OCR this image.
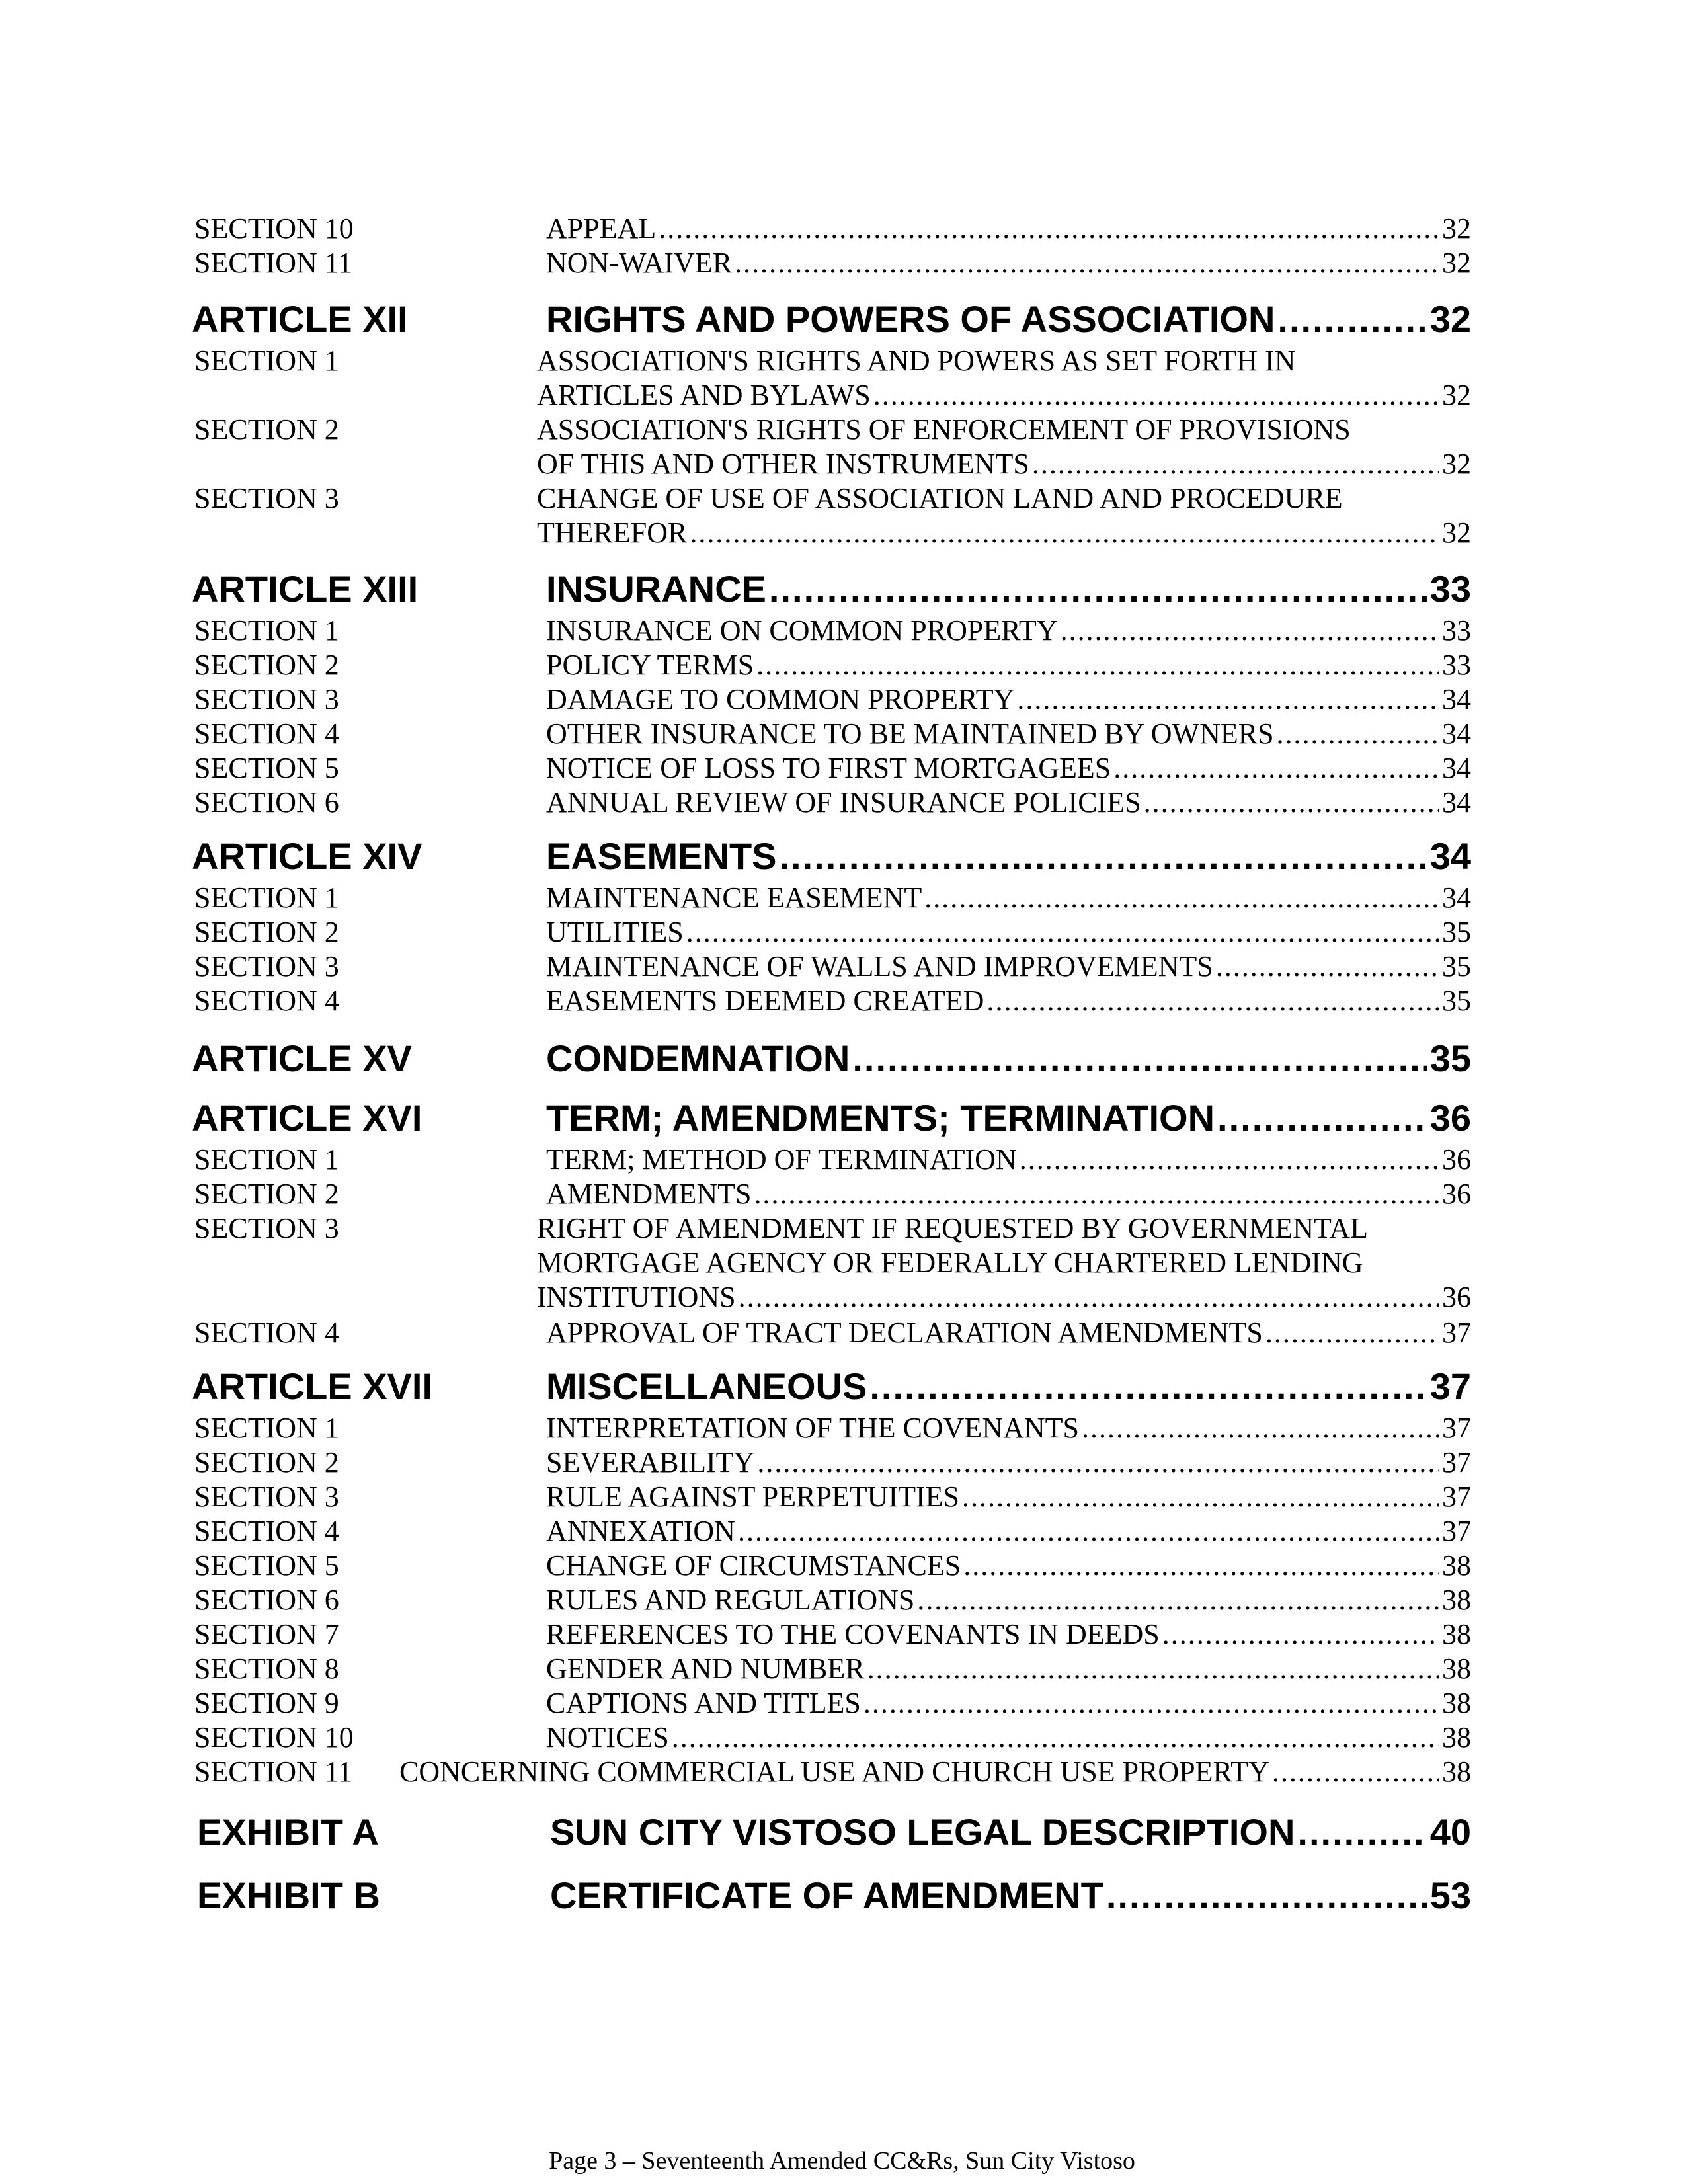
SECTION 10	APPEAL .....	32
SECTION 11	NON-WAIVER .....	32
ARTICLE XII	RIGHTS AND POWERS OF ASSOCIATION .....	32
SECTION 1	ASSOCIATION'S RIGHTS AND POWERS AS SET FORTH IN
ARTICLES AND BYLAWS .....	32
SECTION 2	ASSOCIATION'S RIGHTS OF ENFORCEMENT OF PROVISIONS
OF THIS AND OTHER INSTRUMENTS .....	32
SECTION 3	CHANGE OF USE OF ASSOCIATION LAND AND PROCEDURE
THEREFOR .....	32
ARTICLE XIII	INSURANCE .....	33
SECTION 1	INSURANCE ON COMMON PROPERTY .....	33
SECTION 2	POLICY TERMS .....	33
SECTION 3	DAMAGE TO COMMON PROPERTY .....	34
SECTION 4	OTHER INSURANCE TO BE MAINTAINED BY OWNERS .....	34
SECTION 5	NOTICE OF LOSS TO FIRST MORTGAGEES .....	34
SECTION 6	ANNUAL REVIEW OF INSURANCE POLICIES .....	34
ARTICLE XIV	EASEMENTS .....	34
SECTION 1	MAINTENANCE EASEMENT .....	34
SECTION 2	UTILITIES .....	35
SECTION 3	MAINTENANCE OF WALLS AND IMPROVEMENTS .....	35
SECTION 4	EASEMENTS DEEMED CREATED .....	35
ARTICLE XV	CONDEMNATION .....	35
ARTICLE XVI	TERM; AMENDMENTS; TERMINATION .....	36
SECTION 1	TERM; METHOD OF TERMINATION .....	36
SECTION 2	AMENDMENTS .....	36
SECTION 3	RIGHT OF AMENDMENT IF REQUESTED BY GOVERNMENTAL
MORTGAGE AGENCY OR FEDERALLY CHARTERED LENDING
INSTITUTIONS .....	36
SECTION 4	APPROVAL OF TRACT DECLARATION AMENDMENTS .....	37
ARTICLE XVII	MISCELLANEOUS .....	37
SECTION 1	INTERPRETATION OF THE COVENANTS .....	37
SECTION 2	SEVERABILITY .....	37
SECTION 3	RULE AGAINST PERPETUITIES .....	37
SECTION 4	ANNEXATION .....	37
SECTION 5	CHANGE OF CIRCUMSTANCES .....	38
SECTION 6	RULES AND REGULATIONS .....	38
SECTION 7	REFERENCES TO THE COVENANTS IN DEEDS .....	38
SECTION 8	GENDER AND NUMBER .....	38
SECTION 9	CAPTIONS AND TITLES .....	38
SECTION 10	NOTICES .....	38
SECTION 11 CONCERNING COMMERCIAL USE AND CHURCH USE PROPERTY .....	38
EXHIBIT A	SUN CITY VISTOSO LEGAL DESCRIPTION .....	40
EXHIBIT B	CERTIFICATE OF AMENDMENT .....	53
Page 3 – Seventeenth Amended CC&Rs, Sun City Vistoso
